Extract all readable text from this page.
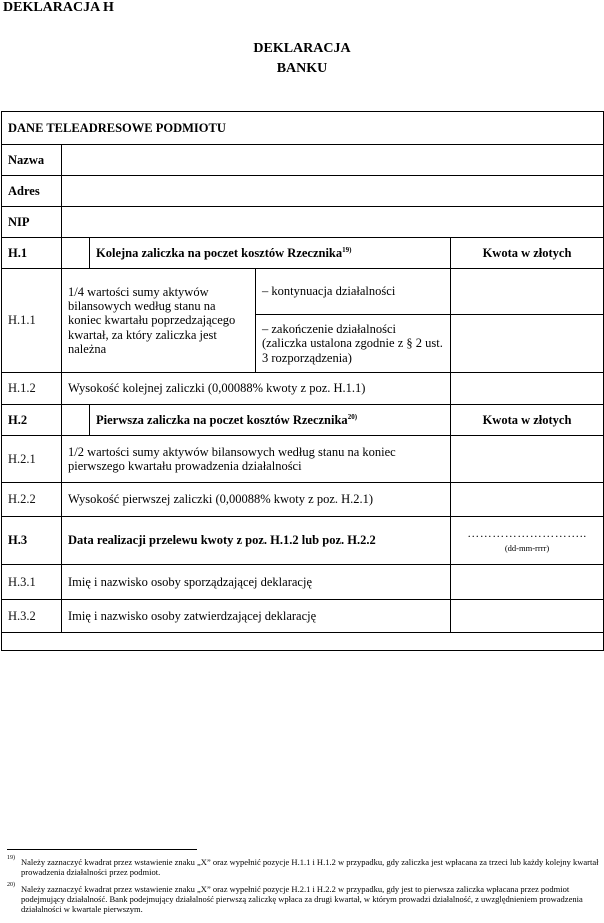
DEKLARACJA H
DEKLARACJA
BANKU
DANE TELEADRESOWE PODMIOTU				
Nazwa				
Adres				
NIP				
H.1		Kolejna zaliczka na poczet kosztów Rzecznika$^{19)}$		Kwota w złotych
H.1.1	1/4 wartości sumy aktywów bilansowych według stanu na koniec kwartału poprzedzającego kwartał, za który zaliczka jest należna		– kontynuacja działalności	
			– zakończenie działalności (zaliczka ustalona zgodnie z § 2 ust. 3 rozporządzenia)	
H.1.2	Wysokość kolejnej zaliczki (0,00088% kwoty z poz. H.1.1)			
H.2		Pierwsza zaliczka na poczet kosztów Rzecznika$^{20)}$		Kwota w złotych
H.2.1	1/2 wartości sumy aktywów bilansowych według stanu na koniec pierwszego kwartału prowadzenia działalności			
H.2.2	Wysokość pierwszej zaliczki (0,00088% kwoty z poz. H.2.1)			
H.3	Data realizacji przelewu kwoty z poz. H.1.2 lub poz. H.2.2			………………………..
(dd-mm-rrrr)

H.3.1	Imię i nazwisko osoby sporządzającej deklarację			
H.3.2	Imię i nazwisko osoby zatwierdzającej deklarację			

19) Należy zaznaczyć kwadrat przez wstawienie znaku „X” oraz wypełnić pozycje H.1.1 i H.1.2 w przypadku, gdy zaliczka jest wpłacana za trzeci lub każdy kolejny kwartał prowadzenia działalności przez podmiot.
20) Należy zaznaczyć kwadrat przez wstawienie znaku „X” oraz wypełnić pozycje H.2.1 i H.2.2 w przypadku, gdy jest to pierwsza zaliczka wpłacana przez podmiot podejmujący działalność. Bank podejmujący działalność pierwszą zaliczkę wpłaca za drugi kwartał, w którym prowadzi działalność, z uwzględnieniem prowadzenia działalności w kwartale pierwszym.
